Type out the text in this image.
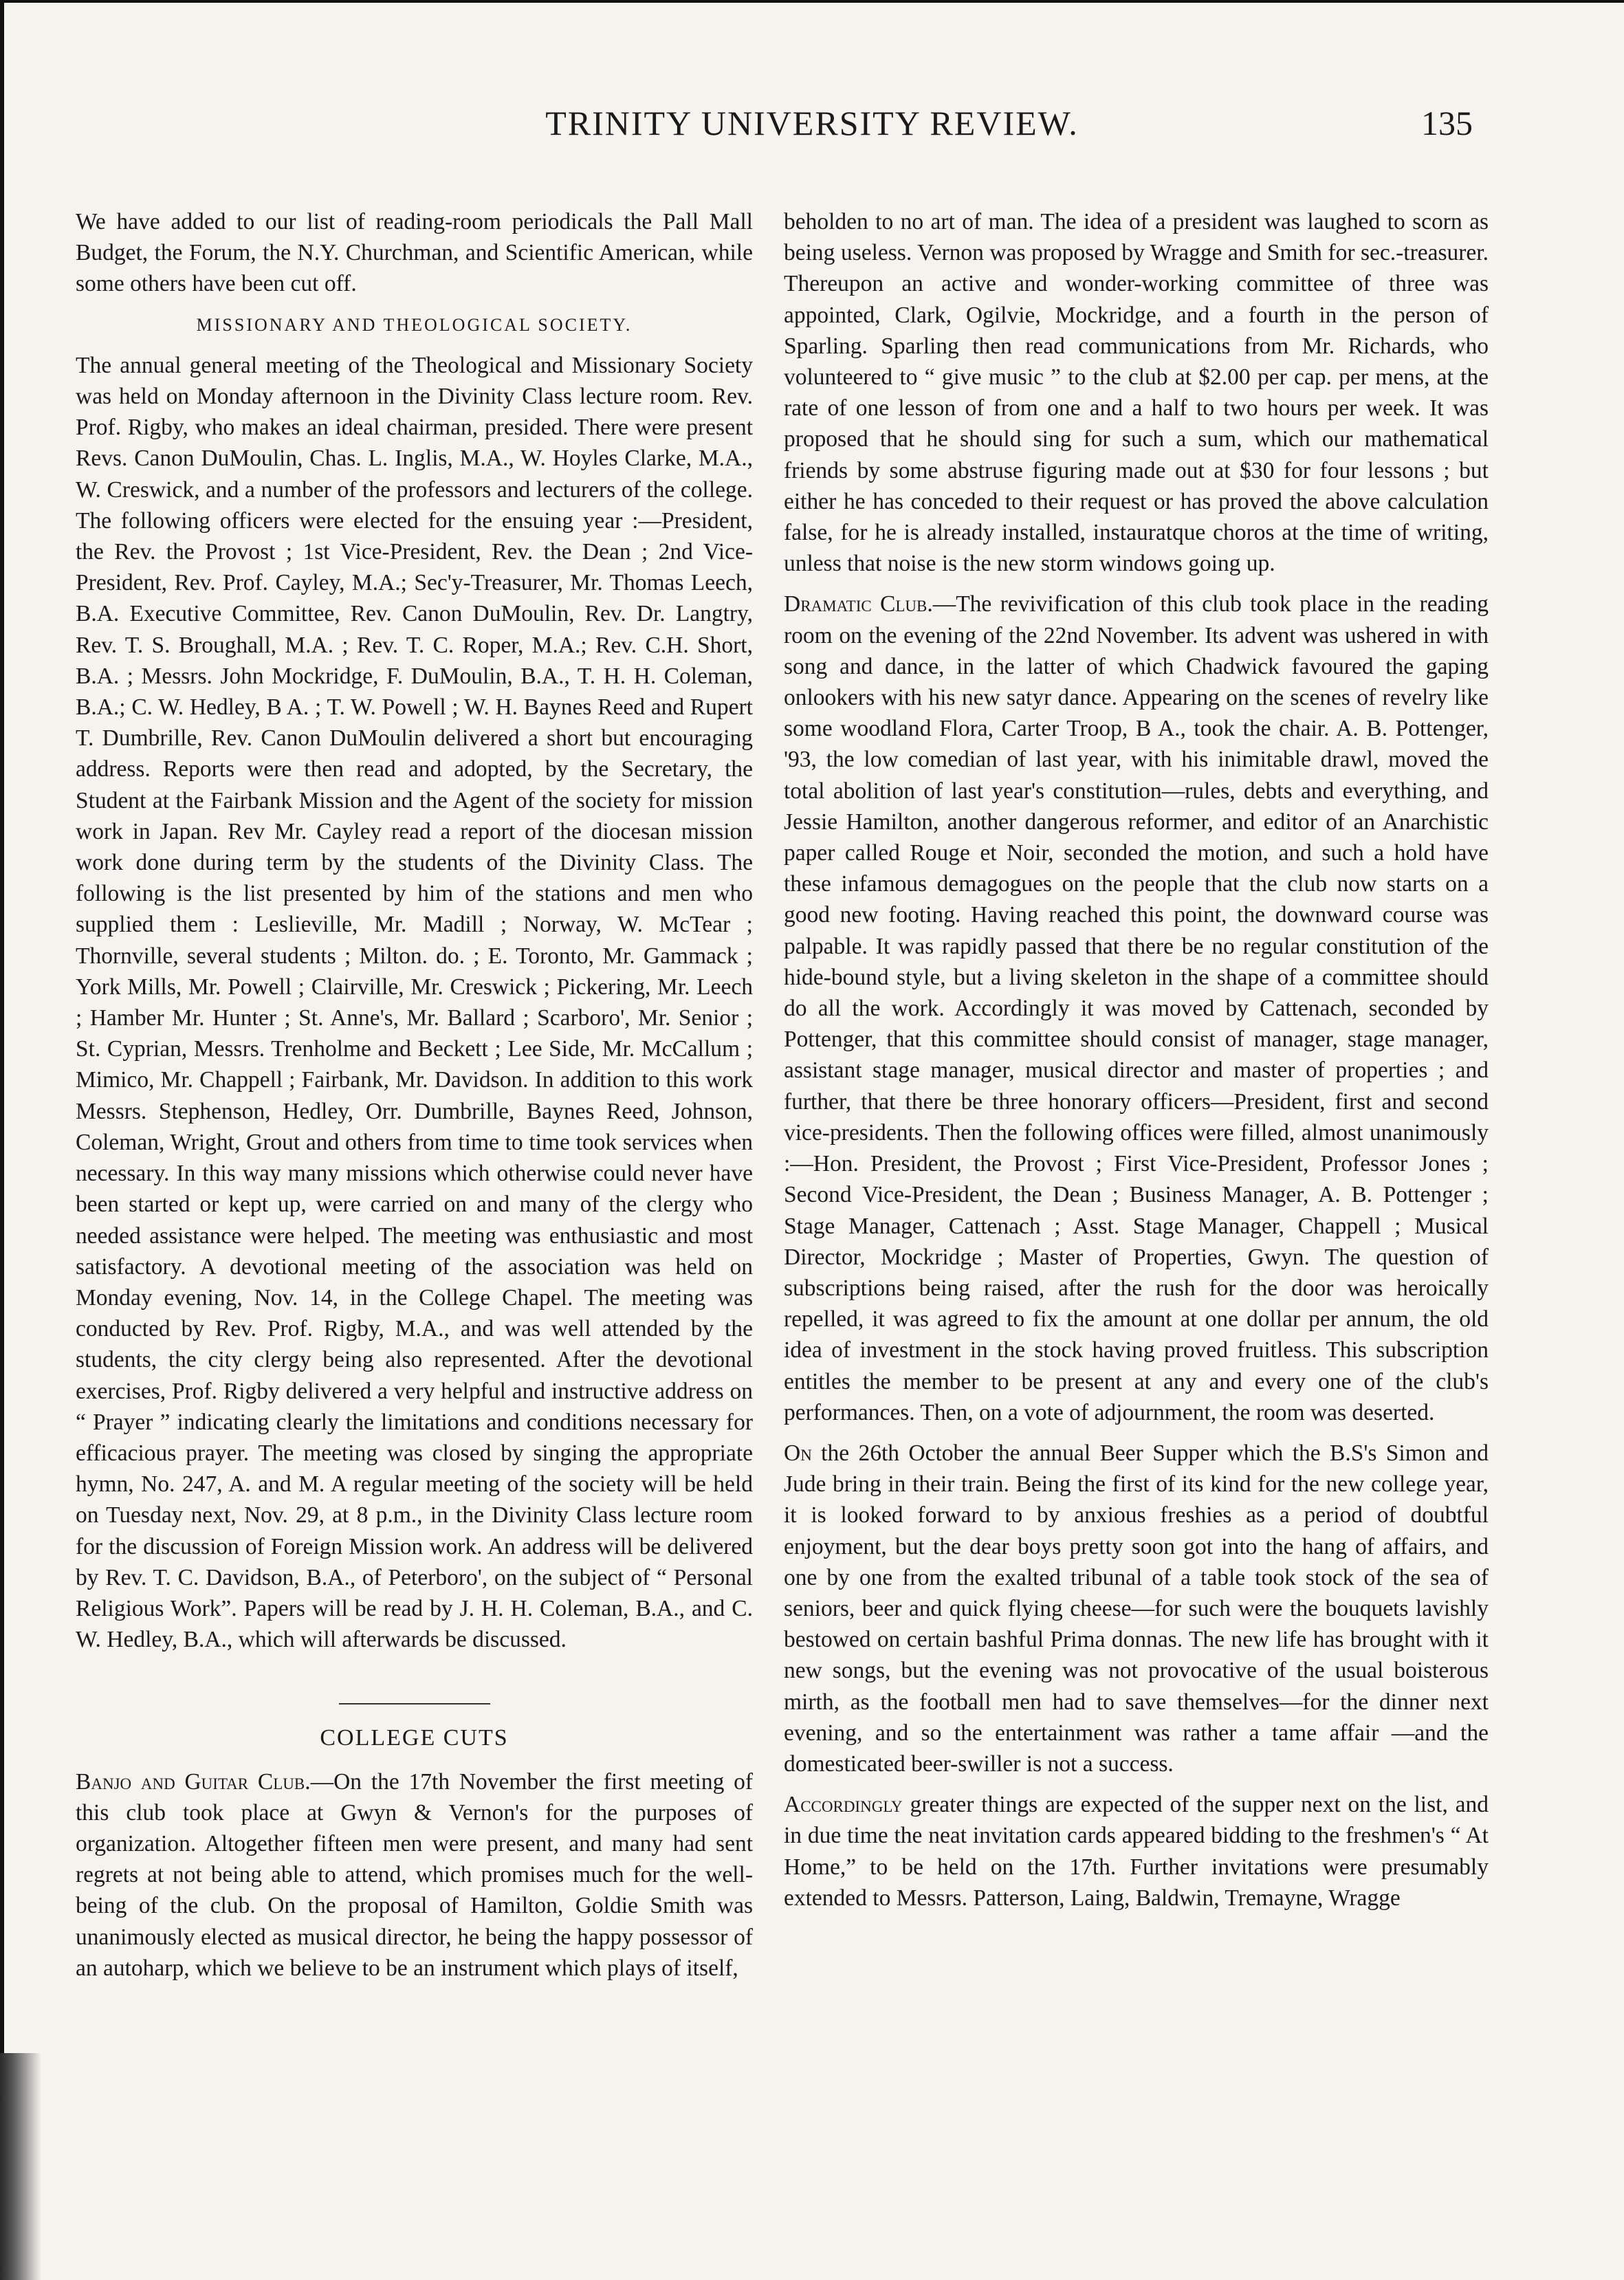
TRINITY UNIVERSITY REVIEW.	135

We have added to our list of reading-room periodicals the Pall Mall Budget, the Forum, the N.Y. Churchman, and Scientific American, while some others have been cut off.

MISSIONARY AND THEOLOGICAL SOCIETY.

The annual general meeting of the Theological and Missionary Society was held on Monday afternoon in the Divinity Class lecture room. Rev. Prof. Rigby, who makes an ideal chairman, presided. There were present Revs. Canon DuMoulin, Chas. L. Inglis, M.A., W. Hoyles Clarke, M.A., W. Creswick, and a number of the professors and lecturers of the college. The following officers were elected for the ensuing year :—President, the Rev. the Provost ; 1st Vice-President, Rev. the Dean ; 2nd Vice-President, Rev. Prof. Cayley, M.A.; Sec'y-Treasurer, Mr. Thomas Leech, B.A. Executive Committee, Rev. Canon DuMoulin, Rev. Dr. Langtry, Rev. T. S. Broughall, M.A. ; Rev. T. C. Roper, M.A.; Rev. C.H. Short, B.A. ; Messrs. John Mockridge, F. DuMoulin, B.A., T. H. H. Coleman, B.A.; C. W. Hedley, B A. ; T. W. Powell ; W. H. Baynes Reed and Rupert T. Dumbrille, Rev. Canon DuMoulin delivered a short but encouraging address. Reports were then read and adopted, by the Secretary, the Student at the Fairbank Mission and the Agent of the society for mission work in Japan. Rev Mr. Cayley read a report of the diocesan mission work done during term by the students of the Divinity Class. The following is the list presented by him of the stations and men who supplied them : Leslieville, Mr. Madill ; Norway, W. McTear ; Thornville, several students ; Milton. do. ; E. Toronto, Mr. Gammack ; York Mills, Mr. Powell ; Clairville, Mr. Creswick ; Pickering, Mr. Leech ; Hamber Mr. Hunter ; St. Anne's, Mr. Ballard ; Scarboro', Mr. Senior ; St. Cyprian, Messrs. Trenholme and Beckett ; Lee Side, Mr. McCallum ; Mimico, Mr. Chappell ; Fairbank, Mr. Davidson. In addition to this work Messrs. Stephenson, Hedley, Orr. Dumbrille, Baynes Reed, Johnson, Coleman, Wright, Grout and others from time to time took services when necessary. In this way many missions which otherwise could never have been started or kept up, were carried on and many of the clergy who needed assistance were helped. The meeting was enthusiastic and most satisfactory. A devotional meeting of the association was held on Monday evening, Nov. 14, in the College Chapel. The meeting was conducted by Rev. Prof. Rigby, M.A., and was well attended by the students, the city clergy being also represented. After the devotional exercises, Prof. Rigby delivered a very helpful and instructive address on “ Prayer ” indicating clearly the limitations and conditions necessary for efficacious prayer. The meeting was closed by singing the appropriate hymn, No. 247, A. and M. A regular meeting of the society will be held on Tuesday next, Nov. 29, at 8 p.m., in the Divinity Class lecture room for the discussion of Foreign Mission work. An address will be delivered by Rev. T. C. Davidson, B.A., of Peterboro', on the subject of “ Personal Religious Work”. Papers will be read by J. H. H. Coleman, B.A., and C. W. Hedley, B.A., which will afterwards be discussed.

COLLEGE CUTS

Banjo and Guitar Club.—On the 17th November the first meeting of this club took place at Gwyn & Vernon's for the purposes of organization. Altogether fifteen men were present, and many had sent regrets at not being able to attend, which promises much for the well-being of the club. On the proposal of Hamilton, Goldie Smith was unanimously elected as musical director, he being the happy possessor of an autoharp, which we believe to be an instrument which plays of itself,

beholden to no art of man. The idea of a president was laughed to scorn as being useless. Vernon was proposed by Wragge and Smith for sec.-treasurer. Thereupon an active and wonder-working committee of three was appointed, Clark, Ogilvie, Mockridge, and a fourth in the person of Sparling. Sparling then read communications from Mr. Richards, who volunteered to “ give music ” to the club at $2.00 per cap. per mens, at the rate of one lesson of from one and a half to two hours per week. It was proposed that he should sing for such a sum, which our mathematical friends by some abstruse figuring made out at $30 for four lessons ; but either he has conceded to their request or has proved the above calculation false, for he is already installed, instauratque choros at the time of writing, unless that noise is the new storm windows going up.

Dramatic Club.—The revivification of this club took place in the reading room on the evening of the 22nd November. Its advent was ushered in with song and dance, in the latter of which Chadwick favoured the gaping onlookers with his new satyr dance. Appearing on the scenes of revelry like some woodland Flora, Carter Troop, B A., took the chair. A. B. Pottenger, '93, the low comedian of last year, with his inimitable drawl, moved the total abolition of last year's constitution—rules, debts and everything, and Jessie Hamilton, another dangerous reformer, and editor of an Anarchistic paper called Rouge et Noir, seconded the motion, and such a hold have these infamous demagogues on the people that the club now starts on a good new footing. Having reached this point, the downward course was palpable. It was rapidly passed that there be no regular constitution of the hide-bound style, but a living skeleton in the shape of a committee should do all the work. Accordingly it was moved by Cattenach, seconded by Pottenger, that this committee should consist of manager, stage manager, assistant stage manager, musical director and master of properties ; and further, that there be three honorary officers—President, first and second vice-presidents. Then the following offices were filled, almost unanimously :—Hon. President, the Provost ; First Vice-President, Professor Jones ; Second Vice-President, the Dean ; Business Manager, A. B. Pottenger ; Stage Manager, Cattenach ; Asst. Stage Manager, Chappell ; Musical Director, Mockridge ; Master of Properties, Gwyn. The question of subscriptions being raised, after the rush for the door was heroically repelled, it was agreed to fix the amount at one dollar per annum, the old idea of investment in the stock having proved fruitless. This subscription entitles the member to be present at any and every one of the club's performances. Then, on a vote of adjournment, the room was deserted.

On the 26th October the annual Beer Supper which the B.S's Simon and Jude bring in their train. Being the first of its kind for the new college year, it is looked forward to by anxious freshies as a period of doubtful enjoyment, but the dear boys pretty soon got into the hang of affairs, and one by one from the exalted tribunal of a table took stock of the sea of seniors, beer and quick flying cheese—for such were the bouquets lavishly bestowed on certain bashful Prima donnas. The new life has brought with it new songs, but the evening was not provocative of the usual boisterous mirth, as the football men had to save themselves—for the dinner next evening, and so the entertainment was rather a tame affair —and the domesticated beer-swiller is not a success.

Accordingly greater things are expected of the supper next on the list, and in due time the neat invitation cards appeared bidding to the freshmen's “ At Home,” to be held on the 17th. Further invitations were presumably extended to Messrs. Patterson, Laing, Baldwin, Tremayne, Wragge
